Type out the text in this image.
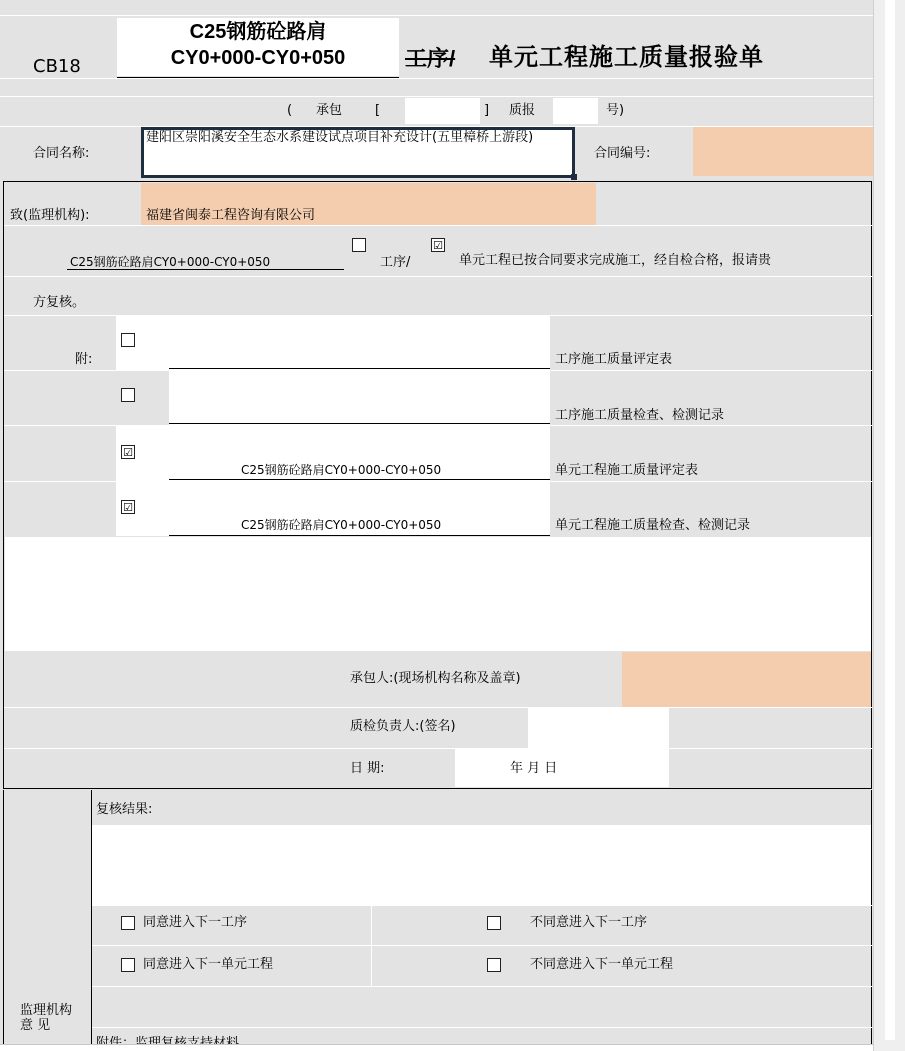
CB18
C25钢筋砼路肩
CY0+000-CY0+050	工序/ 单元工程施工质量报验单
( 承包	[	] 质报	号)
合同名称:
建阳区崇阳溪安全生态水系建设试点项目补充设计(五里樟桥上游段)
合同编号:
致(监理机构):	福建省闽泰工程咨询有限公司
C25钢筋砼路肩CY0+000-CY0+050	工序/
☑
单元工程已按合同要求完成施工，经自检合格，报请贵
方复核。
附:	工序施工质量评定表
工序施工质量检查、检测记录
☑
C25钢筋砼路肩CY0+000-CY0+050	单元工程施工质量评定表
☑
C25钢筋砼路肩CY0+000-CY0+050	单元工程施工质量检查、检测记录
承包人:(现场机构名称及盖章)
质检负责人:(签名)
日 期:	年 月 日
复核结果:
同意进入下一工序	不同意进入下一工序
同意进入下一单元工程	不同意进入下一单元工程
监理机构
意 见
